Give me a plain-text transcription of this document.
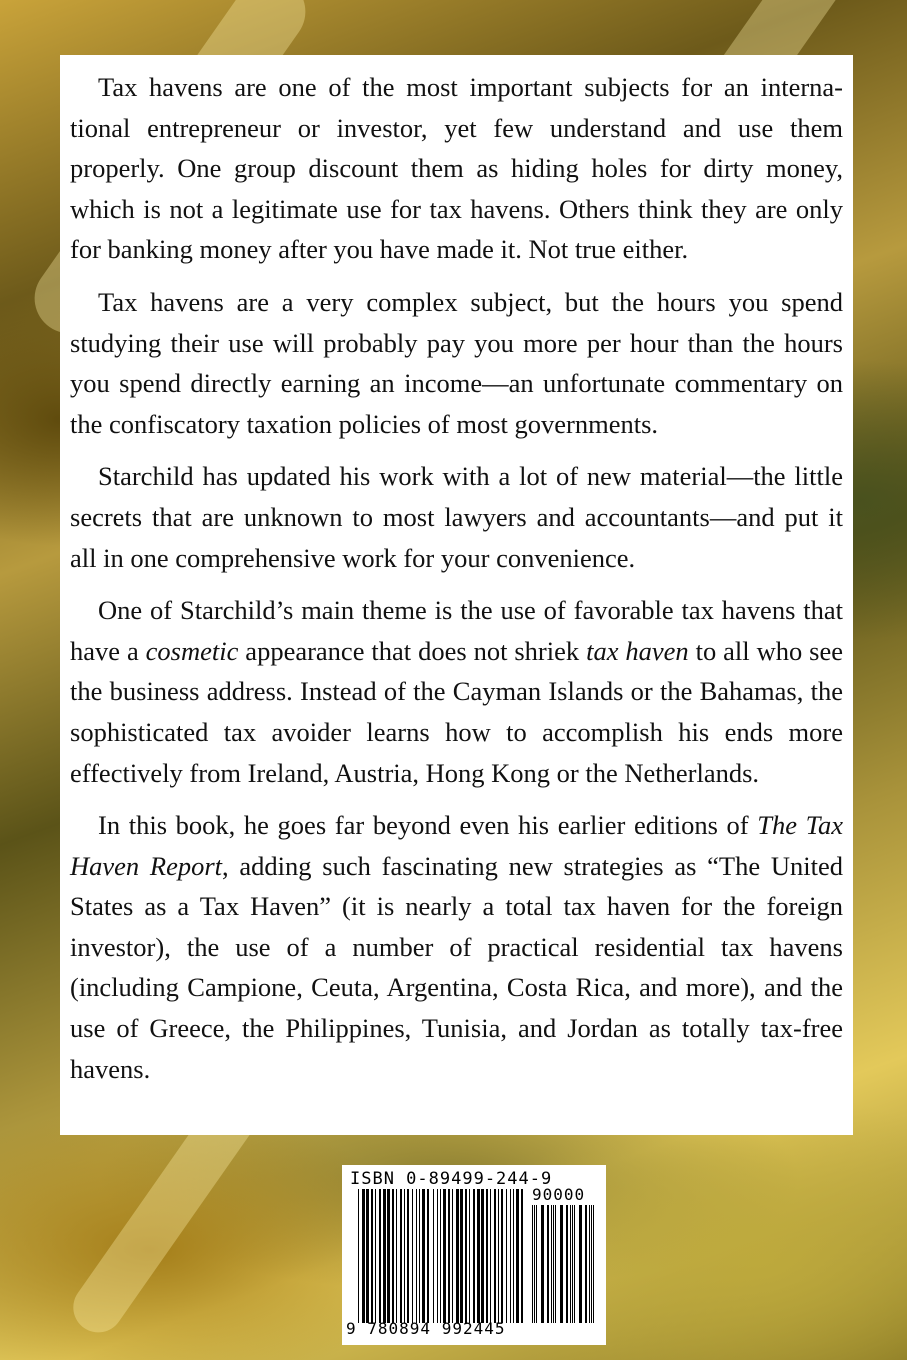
Tax havens are one of the most important subjects for an interna-tional entrepreneur or investor, yet few understand and use them properly. One group discount them as hiding holes for dirty money, which is not a legitimate use for tax havens. Others think they are only for banking money after you have made it. Not true either.

Tax havens are a very complex subject, but the hours you spend studying their use will probably pay you more per hour than the hours you spend directly earning an income—an unfortunate commentary on the confiscatory taxation policies of most governments.

Starchild has updated his work with a lot of new material—the little secrets that are unknown to most lawyers and accountants—and put it all in one comprehensive work for your convenience.

One of Starchild’s main theme is the use of favorable tax havens that have a cosmetic appearance that does not shriek tax haven to all who see the business address. Instead of the Cayman Islands or the Bahamas, the sophisticated tax avoider learns how to accomplish his ends more effectively from Ireland, Austria, Hong Kong or the Netherlands.

In this book, he goes far beyond even his earlier editions of The Tax Haven Report, adding such fascinating new strategies as “The United States as a Tax Haven” (it is nearly a total tax haven for the foreign investor), the use of a number of practical residential tax havens (including Campione, Ceuta, Argentina, Costa Rica, and more), and the use of Greece, the Philippines, Tunisia, and Jordan as totally tax-free havens.

ISBN 0-89499-244-9
90000
9 780894 992445
